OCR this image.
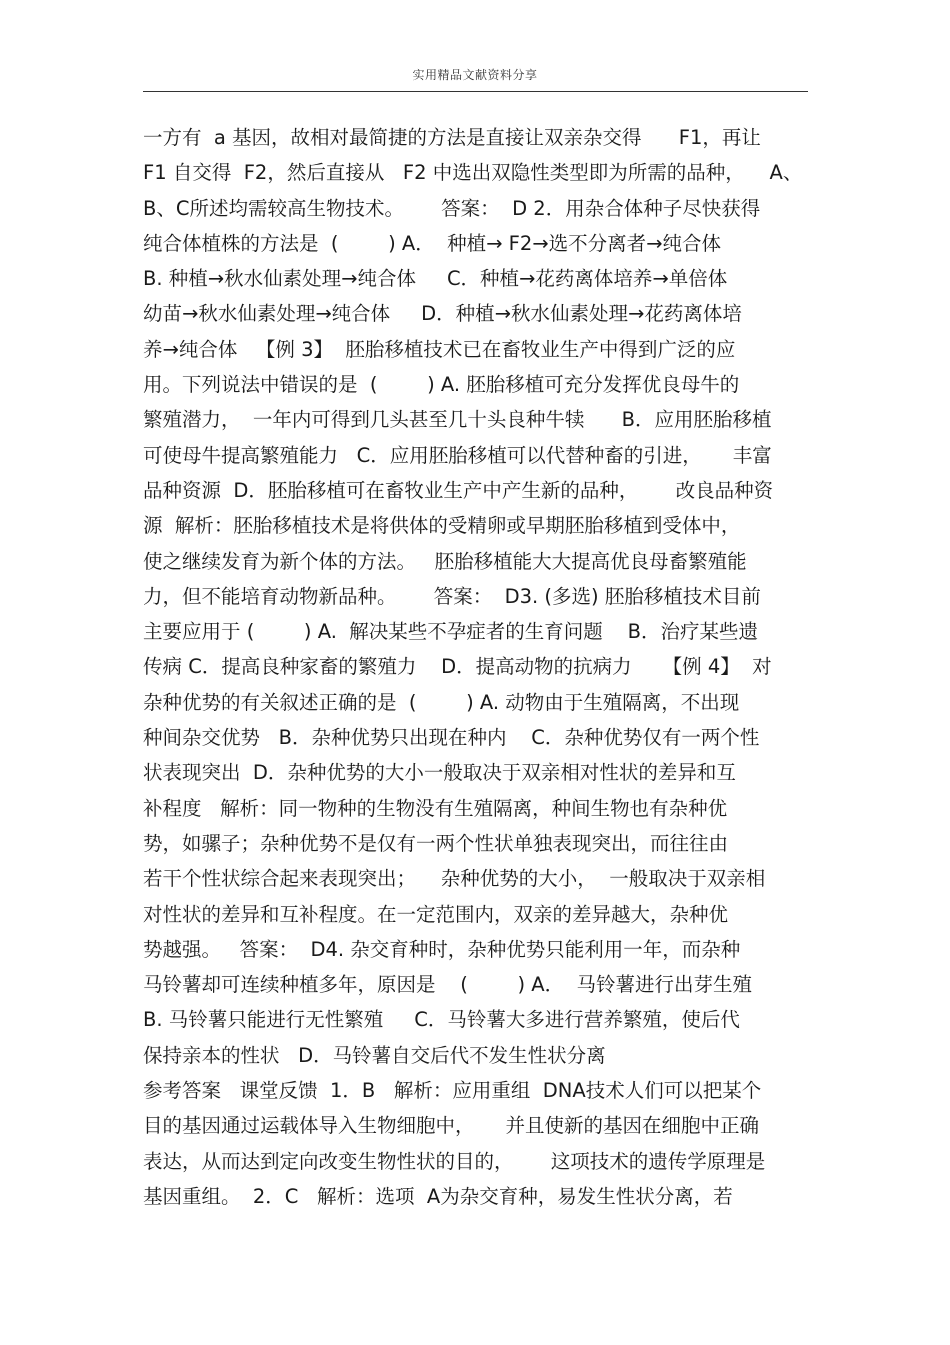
实用精品文献资料分享
一方有  a 基因，故相对最简捷的方法是直接让双亲杂交得      F1，再让
F1 自交得  F2，然后直接从   F2 中选出双隐性类型即为所需的品种，    A、
B、C所述均需较高生物技术。      答案：  D 2．用杂合体种子尽快获得
纯合体植株的方法是  (        ) A．  种植→ F2→选不分离者→纯合体
B. 种植→秋水仙素处理→纯合体     C．种植→花药离体培养→单倍体
幼苗→秋水仙素处理→纯合体     D．种植→秋水仙素处理→花药离体培
养→纯合体   【例 3】  胚胎移植技术已在畜牧业生产中得到广泛的应
用。下列说法中错误的是  (        ) A. 胚胎移植可充分发挥优良母牛的
繁殖潜力，  一年内可得到几头甚至几十头良种牛犊      B．应用胚胎移植
可使母牛提高繁殖能力   C．应用胚胎移植可以代替种畜的引进，     丰富
品种资源  D．胚胎移植可在畜牧业生产中产生新的品种，      改良品种资
源  解析：胚胎移植技术是将供体的受精卵或早期胚胎移植到受体中，
使之继续发育为新个体的方法。   胚胎移植能大大提高优良母畜繁殖能
力，但不能培育动物新品种。      答案：  D3. (多选) 胚胎移植技术目前
主要应用于 (        ) A.  解决某些不孕症者的生育问题    B．治疗某些遗
传病 C．提高良种家畜的繁殖力    D．提高动物的抗病力     【例 4】  对
杂种优势的有关叙述正确的是  (        ) A. 动物由于生殖隔离，不出现
种间杂交优势   B．杂种优势只出现在种内    C．杂种优势仅有一两个性
状表现突出  D．杂种优势的大小一般取决于双亲相对性状的差异和互
补程度   解析：同一物种的生物没有生殖隔离，种间生物也有杂种优
势，如骡子；杂种优势不是仅有一两个性状单独表现突出，而往往由
若干个性状综合起来表现突出；    杂种优势的大小，  一般取决于双亲相
对性状的差异和互补程度。在一定范围内，双亲的差异越大，杂种优
势越强。   答案：  D4. 杂交育种时，杂种优势只能利用一年，而杂种
马铃薯却可连续种植多年，原因是    (        ) A．  马铃薯进行出芽生殖
B. 马铃薯只能进行无性繁殖     C．马铃薯大多进行营养繁殖，使后代
保持亲本的性状   D．马铃薯自交后代不发生性状分离
参考答案   课堂反馈  1．B   解析：应用重组  DNA技术人们可以把某个
目的基因通过运载体导入生物细胞中，     并且使新的基因在细胞中正确
表达，从而达到定向改变生物性状的目的，      这项技术的遗传学原理是
基因重组。  2．C   解析：选项  A为杂交育种，易发生性状分离，若
